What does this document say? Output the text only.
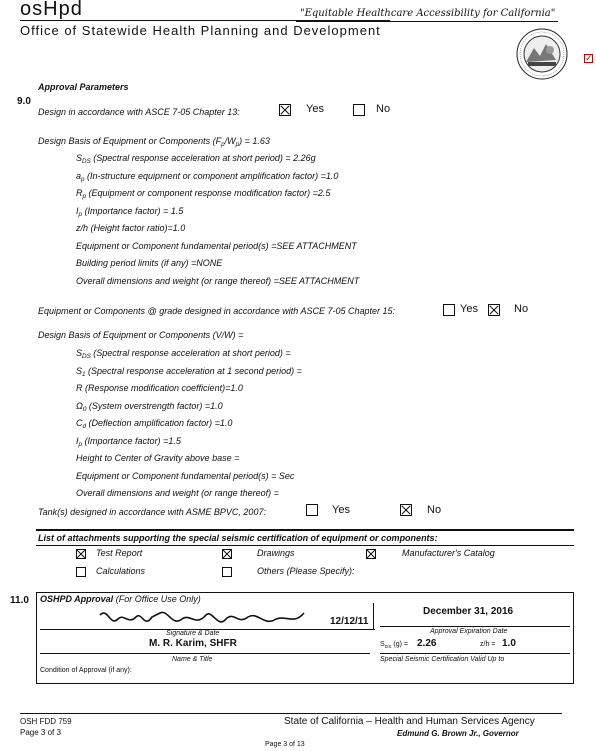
osHpd	"Equitable Healthcare Accessibility for California"
Office of Statewide Health Planning and Development
✓
9.0
Approval Parameters
Design in accordance with ASCE 7-05 Chapter 13:	Yes	No
Design Basis of Equipment or Components $(F_p/W_p) = 1.63$
$S_{DS}$ (Spectral response acceleration at short period) = 2.26g
$a_p$ (In-structure equipment or component amplification factor) =1.0
$R_p$ (Equipment or component response modification factor) =2.5
$I_p$ (Importance factor) = 1.5
z/h (Height factor ratio)=1.0
Equipment or Component fundamental period(s) =SEE ATTACHMENT
Building period limits (if any) =NONE
Overall dimensions and weight (or range thereof) =SEE ATTACHMENT
Equipment or Components @ grade designed in accordance with ASCE 7-05 Chapter 15:	Yes	No
Design Basis of Equipment or Components (V/W) =
$S_{DS}$ (Spectral response acceleration at short period) =
$S_1$ (Spectral response acceleration at 1 second period) =
R (Response modification coefficient)=1.0
$\Omega_0$ (System overstrength factor) =1.0
$C_d$ (Deflection amplification factor) =1.0
$I_p$ (Importance factor) =1.5
Height to Center of Gravity above base =
Equipment or Component fundamental period(s) = Sec
Overall dimensions and weight (or range thereof) =
Tank(s) designed in accordance with ASME BPVC, 2007:	Yes	No
List of attachments supporting the special seismic certification of equipment or components:
Test Report	Drawings	Manufacturer's Catalog
Calculations	Others (Please Specify):
11.0 OSHPD Approval (For Office Use Only)
12/12/11
Signature & Date
M. R. Karim, SHFR
Name & Title
December 31, 2016
Approval Expiration Date
$S_{DS}$ (g) = 2.26	z/h = 1.0
Special Seismic Certification Valid Up to
Condition of Approval (if any):
OSH FDD 759
Page 3 of 3
State of California – Health and Human Services Agency
Edmund G. Brown Jr., Governor
Page 3 of 13
